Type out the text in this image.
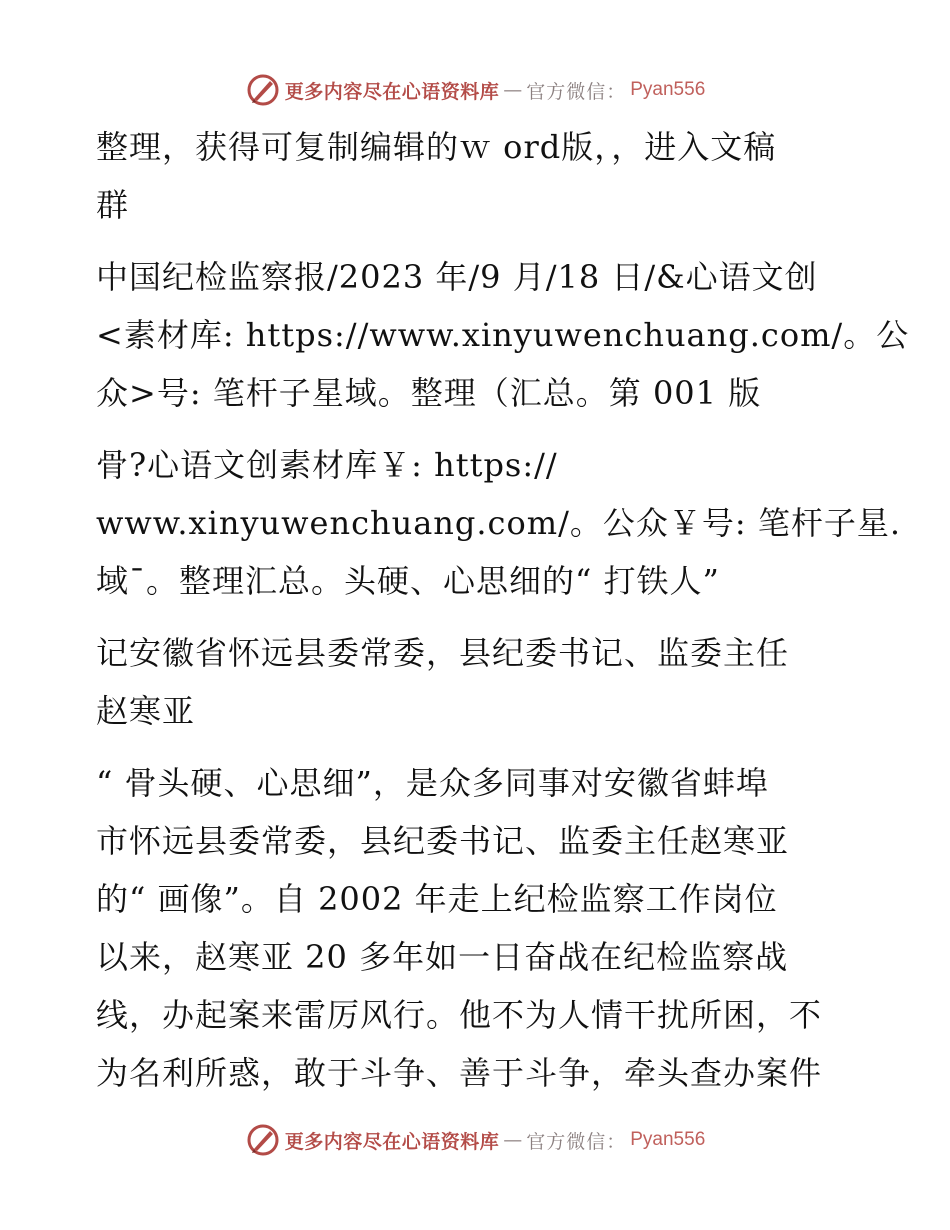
更多内容尽在心语资料库 — 官方微信： Pyan556
整理，获得可复制编辑的ｗ ord版，，进入文稿
群
中国纪检监察报/2023 年/9 月/18 日/&心语文创
<素材库: https://www.xinyuwenchuang.com/。公
众>号: 笔杆子星域。整理（汇总。第 001 版
骨?心语文创素材库￥: https://
www.xinyuwenchuang.com/。公众￥号: 笔杆子星.
域¯。整理汇总。头硬、心思细的“ 打铁人”
记安徽省怀远县委常委，县纪委书记、监委主任
赵寒亚
“ 骨头硬、心思细”，是众多同事对安徽省蚌埠
市怀远县委常委，县纪委书记、监委主任赵寒亚
的“ 画像”。自 2002 年走上纪检监察工作岗位
以来，赵寒亚 20 多年如一日奋战在纪检监察战
线，办起案来雷厉风行。他不为人情干扰所困，不
为名利所惑，敢于斗争、善于斗争，牵头查办案件
更多内容尽在心语资料库 — 官方微信： Pyan556
